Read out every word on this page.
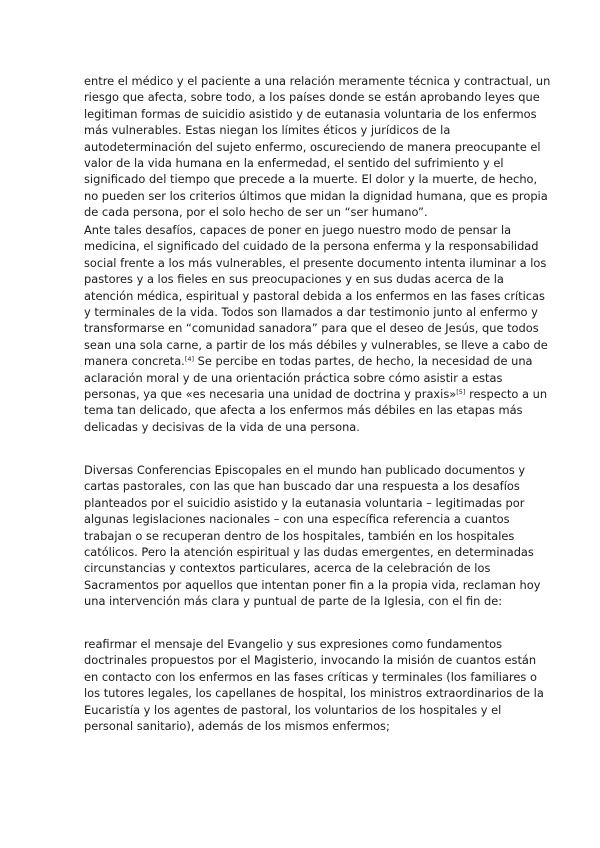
entre el médico y el paciente a una relación meramente técnica y contractual, un
riesgo que afecta, sobre todo, a los países donde se están aprobando leyes que
legitiman formas de suicidio asistido y de eutanasia voluntaria de los enfermos
más vulnerables. Estas niegan los límites éticos y jurídicos de la
autodeterminación del sujeto enfermo, oscureciendo de manera preocupante el
valor de la vida humana en la enfermedad, el sentido del sufrimiento y el
significado del tiempo que precede a la muerte. El dolor y la muerte, de hecho,
no pueden ser los criterios últimos que midan la dignidad humana, que es propia
de cada persona, por el solo hecho de ser un “ser humano”.

Ante tales desafíos, capaces de poner en juego nuestro modo de pensar la
medicina, el significado del cuidado de la persona enferma y la responsabilidad
social frente a los más vulnerables, el presente documento intenta iluminar a los
pastores y a los fieles en sus preocupaciones y en sus dudas acerca de la
atención médica, espiritual y pastoral debida a los enfermos en las fases críticas
y terminales de la vida. Todos son llamados a dar testimonio junto al enfermo y
transformarse en “comunidad sanadora” para que el deseo de Jesús, que todos
sean una sola carne, a partir de los más débiles y vulnerables, se lleve a cabo de
manera concreta.[4] Se percibe en todas partes, de hecho, la necesidad de una
aclaración moral y de una orientación práctica sobre cómo asistir a estas
personas, ya que «es necesaria una unidad de doctrina y praxis»[5] respecto a un
tema tan delicado, que afecta a los enfermos más débiles en las etapas más
delicadas y decisivas de la vida de una persona.

Diversas Conferencias Episcopales en el mundo han publicado documentos y
cartas pastorales, con las que han buscado dar una respuesta a los desafíos
planteados por el suicidio asistido y la eutanasia voluntaria – legitimadas por
algunas legislaciones nacionales – con una específica referencia a cuantos
trabajan o se recuperan dentro de los hospitales, también en los hospitales
católicos. Pero la atención espiritual y las dudas emergentes, en determinadas
circunstancias y contextos particulares, acerca de la celebración de los
Sacramentos por aquellos que intentan poner fin a la propia vida, reclaman hoy
una intervención más clara y puntual de parte de la Iglesia, con el fin de:

reafirmar el mensaje del Evangelio y sus expresiones como fundamentos
doctrinales propuestos por el Magisterio, invocando la misión de cuantos están
en contacto con los enfermos en las fases críticas y terminales (los familiares o
los tutores legales, los capellanes de hospital, los ministros extraordinarios de la
Eucaristía y los agentes de pastoral, los voluntarios de los hospitales y el
personal sanitario), además de los mismos enfermos;
